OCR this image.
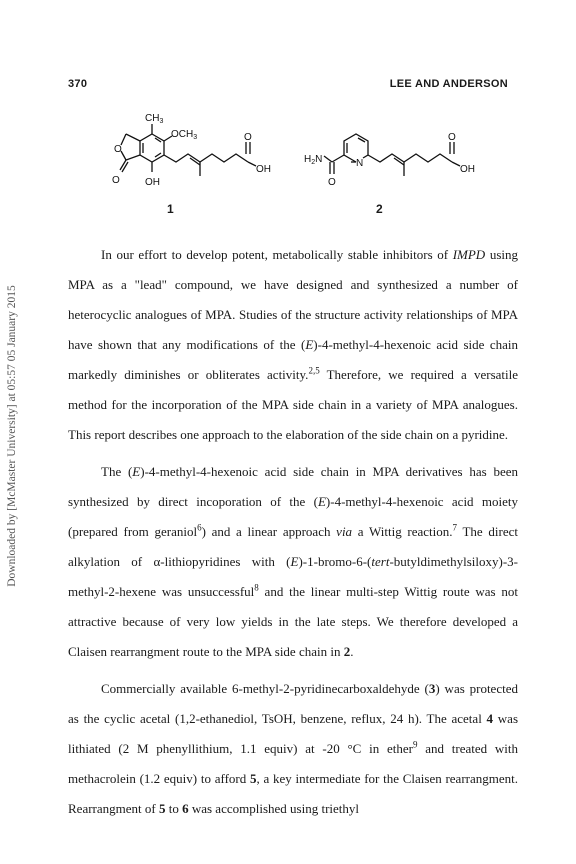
370	LEE AND ANDERSON
Downloaded by [McMaster University] at 05:57 05 January 2015
$CH_3$
$OCH_3$
O
O	OH
O
OH
$H_2N$	N
O
O
OH
1	2

In our effort to develop potent, metabolically stable inhibitors of IMPD using MPA as a "lead" compound, we have designed and synthesized a number of heterocyclic analogues of MPA. Studies of the structure activity relationships of MPA have shown that any modifications of the (E)-4-methyl-4-hexenoic acid side chain markedly diminishes or obliterates activity.$^{2,5}$ Therefore, we required a versatile method for the incorporation of the MPA side chain in a variety of MPA analogues. This report describes one approach to the elaboration of the side chain on a pyridine.

The (E)-4-methyl-4-hexenoic acid side chain in MPA derivatives has been synthesized by direct incoporation of the (E)-4-methyl-4-hexenoic acid moiety (prepared from geraniol$^6$) and a linear approach via a Wittig reaction.$^7$ The direct alkylation of α-lithiopyridines with (E)-1-bromo-6-(tert-butyldimethylsiloxy)-3-methyl-2-hexene was unsuccessful$^8$ and the linear multi-step Wittig route was not attractive because of very low yields in the late steps. We therefore developed a Claisen rearrangment route to the MPA side chain in 2.

Commercially available 6-methyl-2-pyridinecarboxaldehyde (3) was protected as the cyclic acetal (1,2-ethanediol, TsOH, benzene, reflux, 24 h). The acetal 4 was lithiated (2 M phenyllithium, 1.1 equiv) at -20 °C in ether$^9$ and treated with methacrolein (1.2 equiv) to afford 5, a key intermediate for the Claisen rearrangment. Rearrangment of 5 to 6 was accomplished using triethyl
